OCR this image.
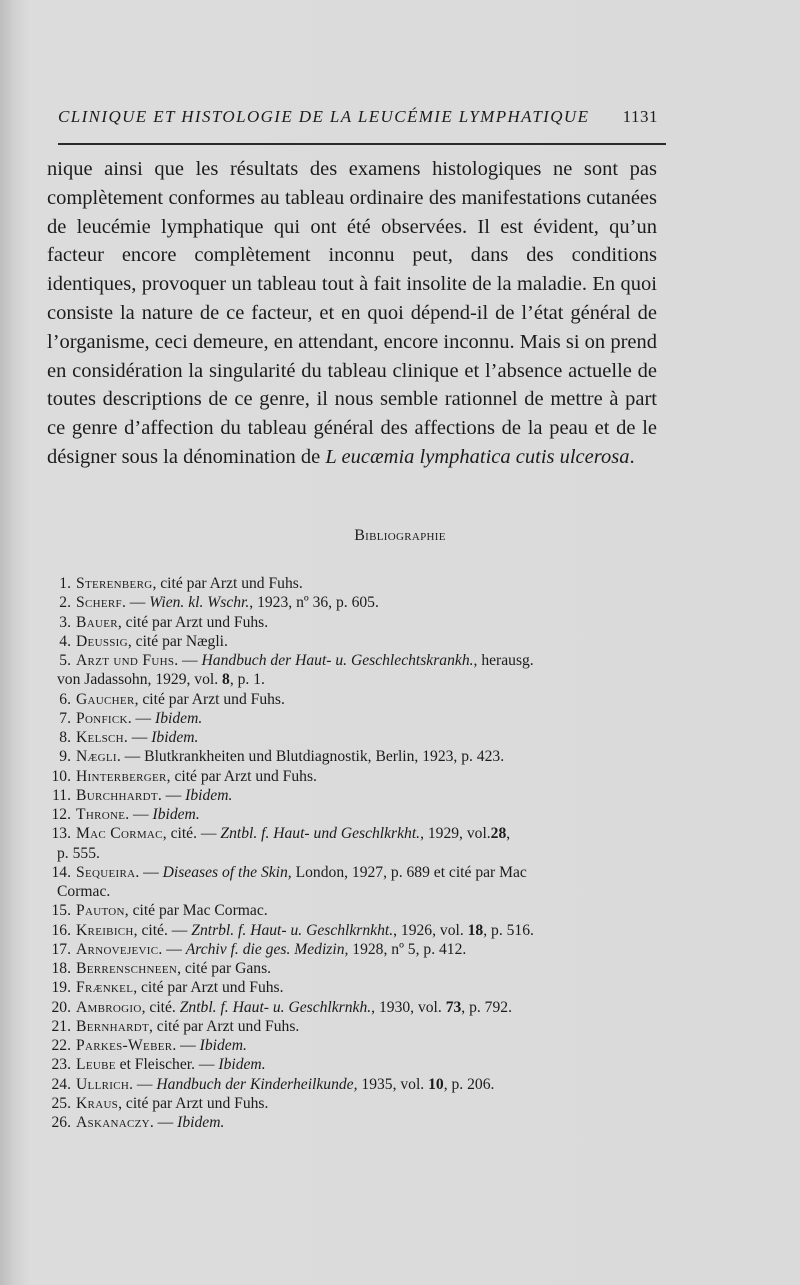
CLINIQUE ET HISTOLOGIE DE LA LEUCÉMIE LYMPHATIQUE 1131

nique ainsi que les résultats des examens histologiques ne sont pas complètement conformes au tableau ordinaire des manifestations cutanées de leucémie lymphatique qui ont été observées. Il est évident, qu’un facteur encore complètement inconnu peut, dans des conditions identiques, provoquer un tableau tout à fait insolite de la maladie. En quoi consiste la nature de ce facteur, et en quoi dépend-il de l’état général de l’organisme, ceci demeure, en attendant, encore inconnu. Mais si on prend en considération la singularité du tableau clinique et l’absence actuelle de toutes descriptions de ce genre, il nous semble rationnel de mettre à part ce genre d’affection du tableau général des affections de la peau et de le désigner sous la dénomination de L eucæmia lymphatica cutis ulcerosa.

Bibliographie
1. Sterenberg, cité par Arzt und Fuhs.
2. Scherf. — Wien. kl. Wschr., 1923, nº 36, p. 605.
3. Bauer, cité par Arzt und Fuhs.
4. Deussig, cité par Nægli.
5. Arzt und Fuhs. — Handbuch der Haut- u. Geschlechtskrankh., herausg.
von Jadassohn, 1929, vol. 8, p. 1.
6. Gaucher, cité par Arzt und Fuhs.
7. Ponfick. — Ibidem.
8. Kelsch. — Ibidem.
9. Nægli. — Blutkrankheiten und Blutdiagnostik, Berlin, 1923, p. 423.
10. Hinterberger, cité par Arzt und Fuhs.
11. Burchhardt. — Ibidem.
12. Throne. — Ibidem.
13. Mac Cormac, cité. — Zntbl. f. Haut- und Geschlkrkht., 1929, vol.28,
p. 555.
14. Sequeira. — Diseases of the Skin, London, 1927, p. 689 et cité par Mac
Cormac.
15. Pauton, cité par Mac Cormac.
16. Kreibich, cité. — Zntrbl. f. Haut- u. Geschlkrnkht., 1926, vol. 18, p. 516.
17. Arnovejevic. — Archiv f. die ges. Medizin, 1928, nº 5, p. 412.
18. Berrenschneen, cité par Gans.
19. Frænkel, cité par Arzt und Fuhs.
20. Ambrogio, cité. Zntbl. f. Haut- u. Geschlkrnkh., 1930, vol. 73, p. 792.
21. Bernhardt, cité par Arzt und Fuhs.
22. Parkes-Weber. — Ibidem.
23. Leube et Fleischer. — Ibidem.
24. Ullrich. — Handbuch der Kinderheilkunde, 1935, vol. 10, p. 206.
25. Kraus, cité par Arzt und Fuhs.
26. Askanaczy. — Ibidem.
